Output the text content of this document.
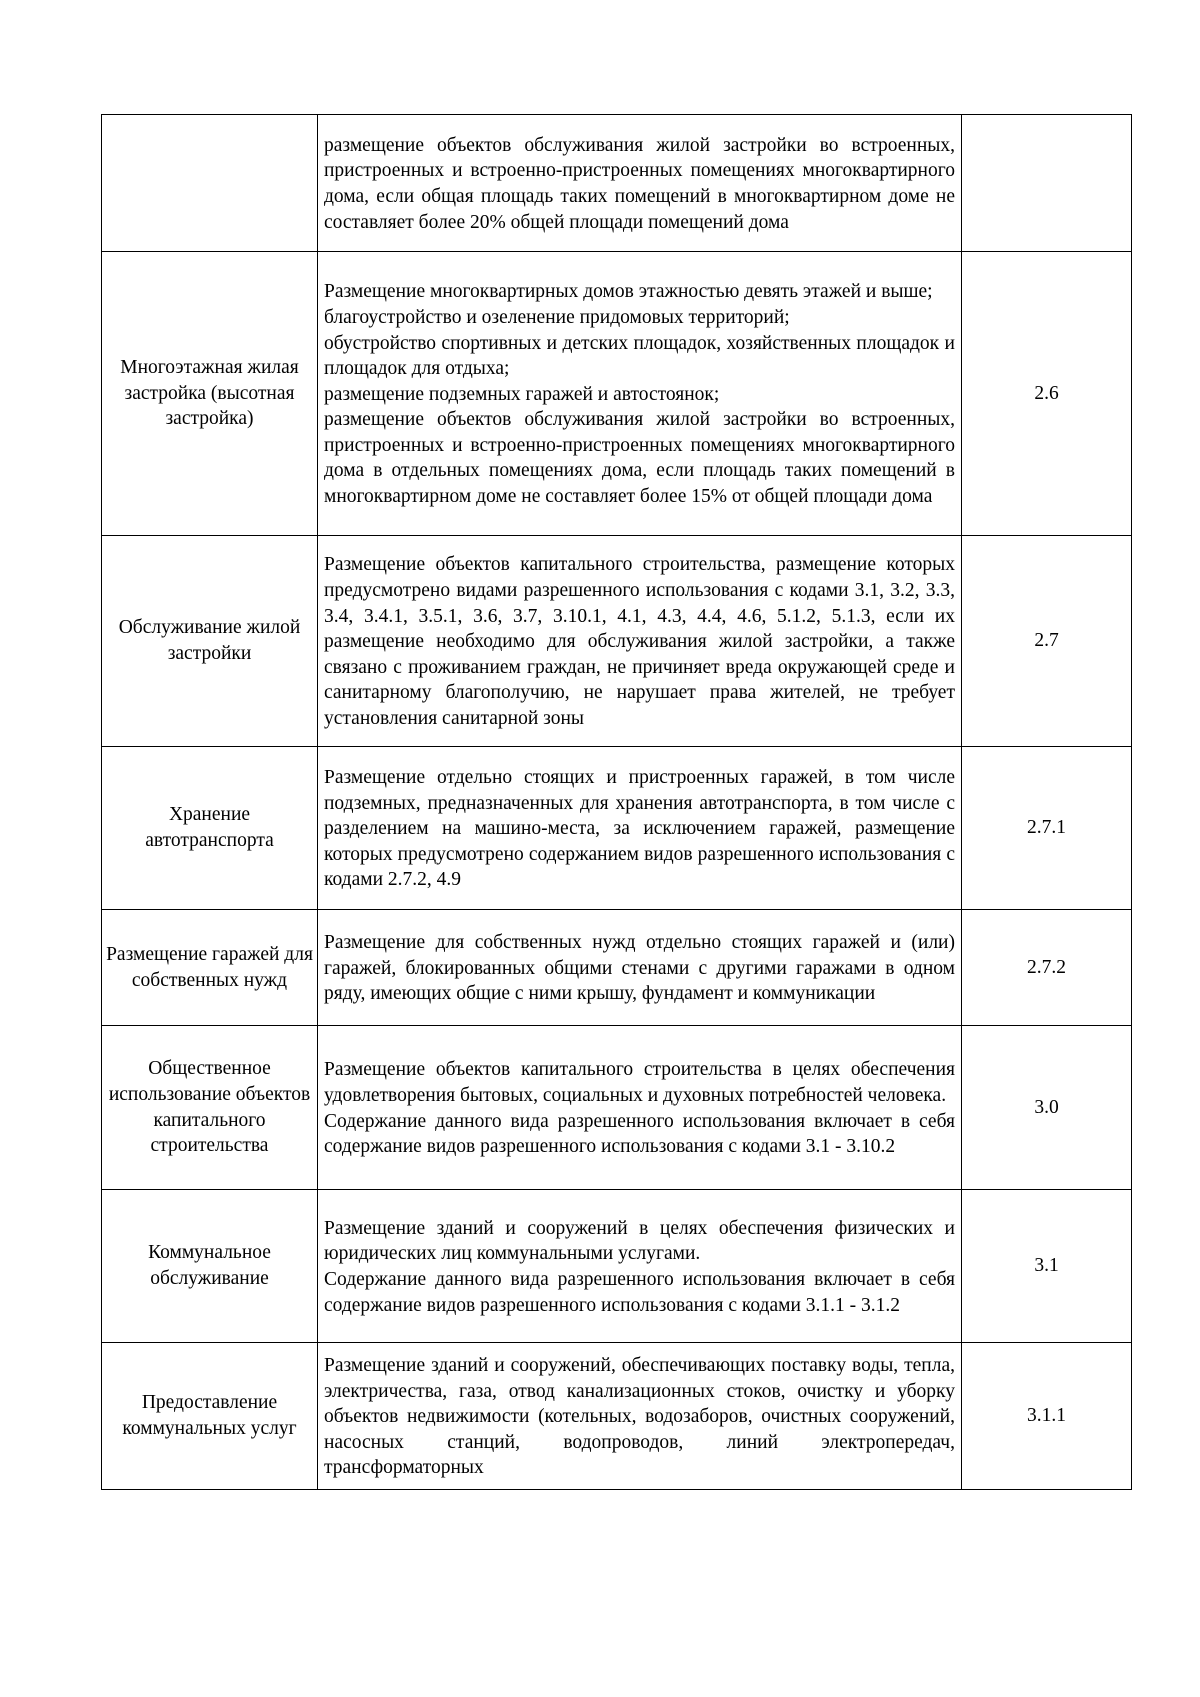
	размещение объектов обслуживания жилой застройки во встроенных, пристроенных и встроенно-пристроенных помещениях многоквартирного дома, если общая площадь таких помещений в многоквартирном доме не составляет более 20% общей площади помещений дома	

Многоэтажная жилая застройка (высотная застройка)	Размещение многоквартирных домов этажностью девять этажей и выше;
благоустройство и озеленение придомовых территорий;
обустройство спортивных и детских площадок, хозяйственных площадок и площадок для отдыха;
размещение подземных гаражей и автостоянок;
размещение объектов обслуживания жилой застройки во встроенных, пристроенных и встроенно-пристроенных помещениях многоквартирного дома в отдельных помещениях дома, если площадь таких помещений в многоквартирном доме не составляет более 15% от общей площади дома	2.6
Обслуживание жилой застройки	Размещение объектов капитального строительства, размещение которых предусмотрено видами разрешенного использования с кодами 3.1, 3.2, 3.3, 3.4, 3.4.1, 3.5.1, 3.6, 3.7, 3.10.1, 4.1, 4.3, 4.4, 4.6, 5.1.2, 5.1.3, если их размещение необходимо для обслуживания жилой застройки, а также связано с проживанием граждан, не причиняет вреда окружающей среде и санитарному благополучию, не нарушает права жителей, не требует установления санитарной зоны	2.7
Хранение автотранспорта	Размещение отдельно стоящих и пристроенных гаражей, в том числе подземных, предназначенных для хранения автотранспорта, в том числе с разделением на машино-места, за исключением гаражей, размещение которых предусмотрено содержанием видов разрешенного использования с кодами 2.7.2, 4.9	2.7.1
Размещение гаражей для собственных нужд	Размещение для собственных нужд отдельно стоящих гаражей и (или) гаражей, блокированных общими стенами с другими гаражами в одном ряду, имеющих общие с ними крышу, фундамент и коммуникации	2.7.2
Общественное использование объектов капитального строительства	Размещение объектов капитального строительства в целях обеспечения удовлетворения бытовых, социальных и духовных потребностей человека.
Содержание данного вида разрешенного использования включает в себя содержание видов разрешенного использования с кодами 3.1 - 3.10.2	3.0
Коммунальное обслуживание	Размещение зданий и сооружений в целях обеспечения физических и юридических лиц коммунальными услугами.
Содержание данного вида разрешенного использования включает в себя содержание видов разрешенного использования с кодами 3.1.1 - 3.1.2	3.1
Предоставление коммунальных услуг	Размещение зданий и сооружений, обеспечивающих поставку воды, тепла, электричества, газа, отвод канализационных стоков, очистку и уборку объектов недвижимости (котельных, водозаборов, очистных сооружений, насосных станций, водопроводов, линий электропередач, трансформаторных	3.1.1
